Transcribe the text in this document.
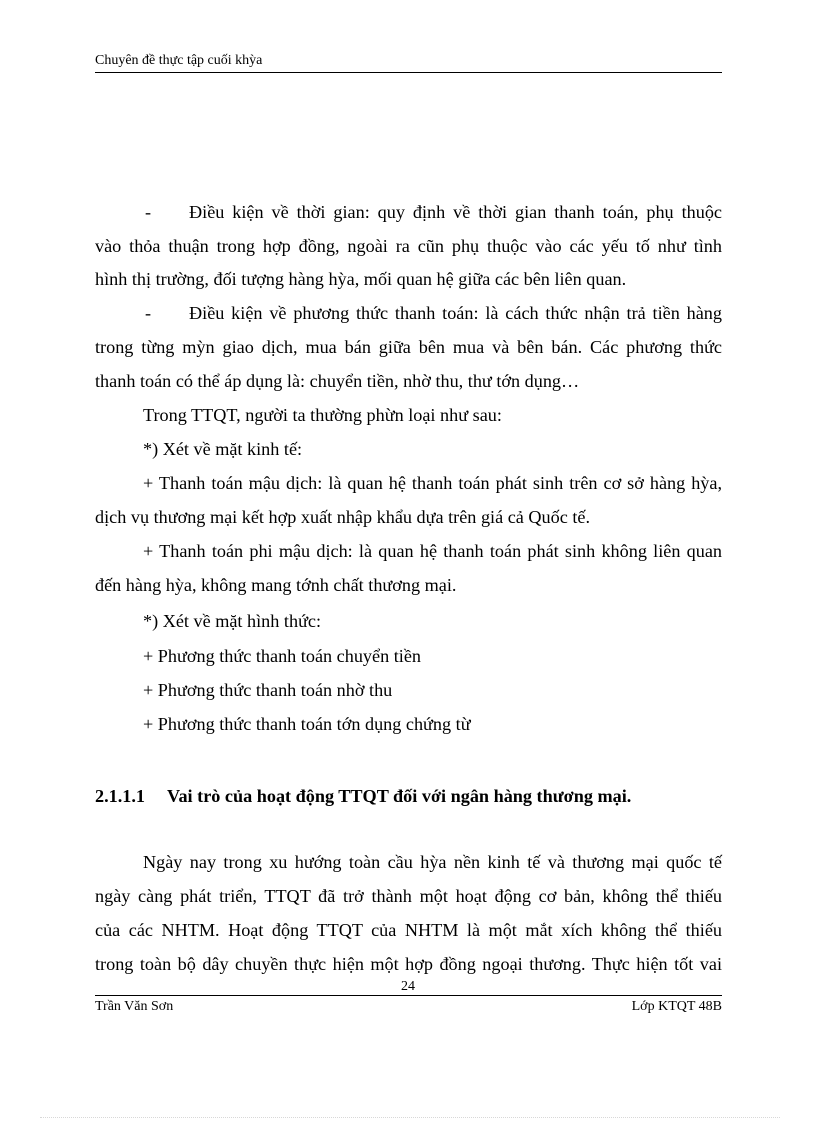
Chuyên đề thực tập cuối khỳa
- Điều kiện về thời gian: quy định về thời gian thanh toán, phụ thuộc
vào thỏa thuận trong hợp đồng, ngoài ra cũn phụ thuộc vào các yếu tố như tình
hình thị trường, đối tượng hàng hỳa, mối quan hệ giữa các bên liên quan.
- Điều kiện về phương thức thanh toán: là cách thức nhận trả tiền hàng
trong từng mỳn giao dịch, mua bán giữa bên mua và bên bán. Các phương thức
thanh toán có thể áp dụng là: chuyển tiền, nhờ thu, thư tớn dụng…
Trong TTQT, người ta thường phừn loại như sau:
*) Xét về mặt kinh tế:
+ Thanh toán mậu dịch: là quan hệ thanh toán phát sinh trên cơ sở hàng hỳa,
dịch vụ thương mại kết hợp xuất nhập khẩu dựa trên giá cả Quốc tế.
+ Thanh toán phi mậu dịch: là quan hệ thanh toán phát sinh không liên quan
đến hàng hỳa, không mang tớnh chất thương mại.
*) Xét về mặt hình thức:
+ Phương thức thanh toán chuyển tiền
+ Phương thức thanh toán nhờ thu
+ Phương thức thanh toán tớn dụng chứng từ
Ngày nay trong xu hướng toàn cầu hỳa nền kinh tế và thương mại quốc tế
ngày càng phát triển, TTQT đã trở thành một hoạt động cơ bản, không thể thiếu
của các NHTM. Hoạt động TTQT của NHTM là một mắt xích không thể thiếu
trong toàn bộ dây chuyền thực hiện một hợp đồng ngoại thương. Thực hiện tốt vai
2.1.1.1 Vai trò của hoạt động TTQT đối với ngân hàng thương mại.
24
Trần Văn Sơn	Lớp KTQT 48B
